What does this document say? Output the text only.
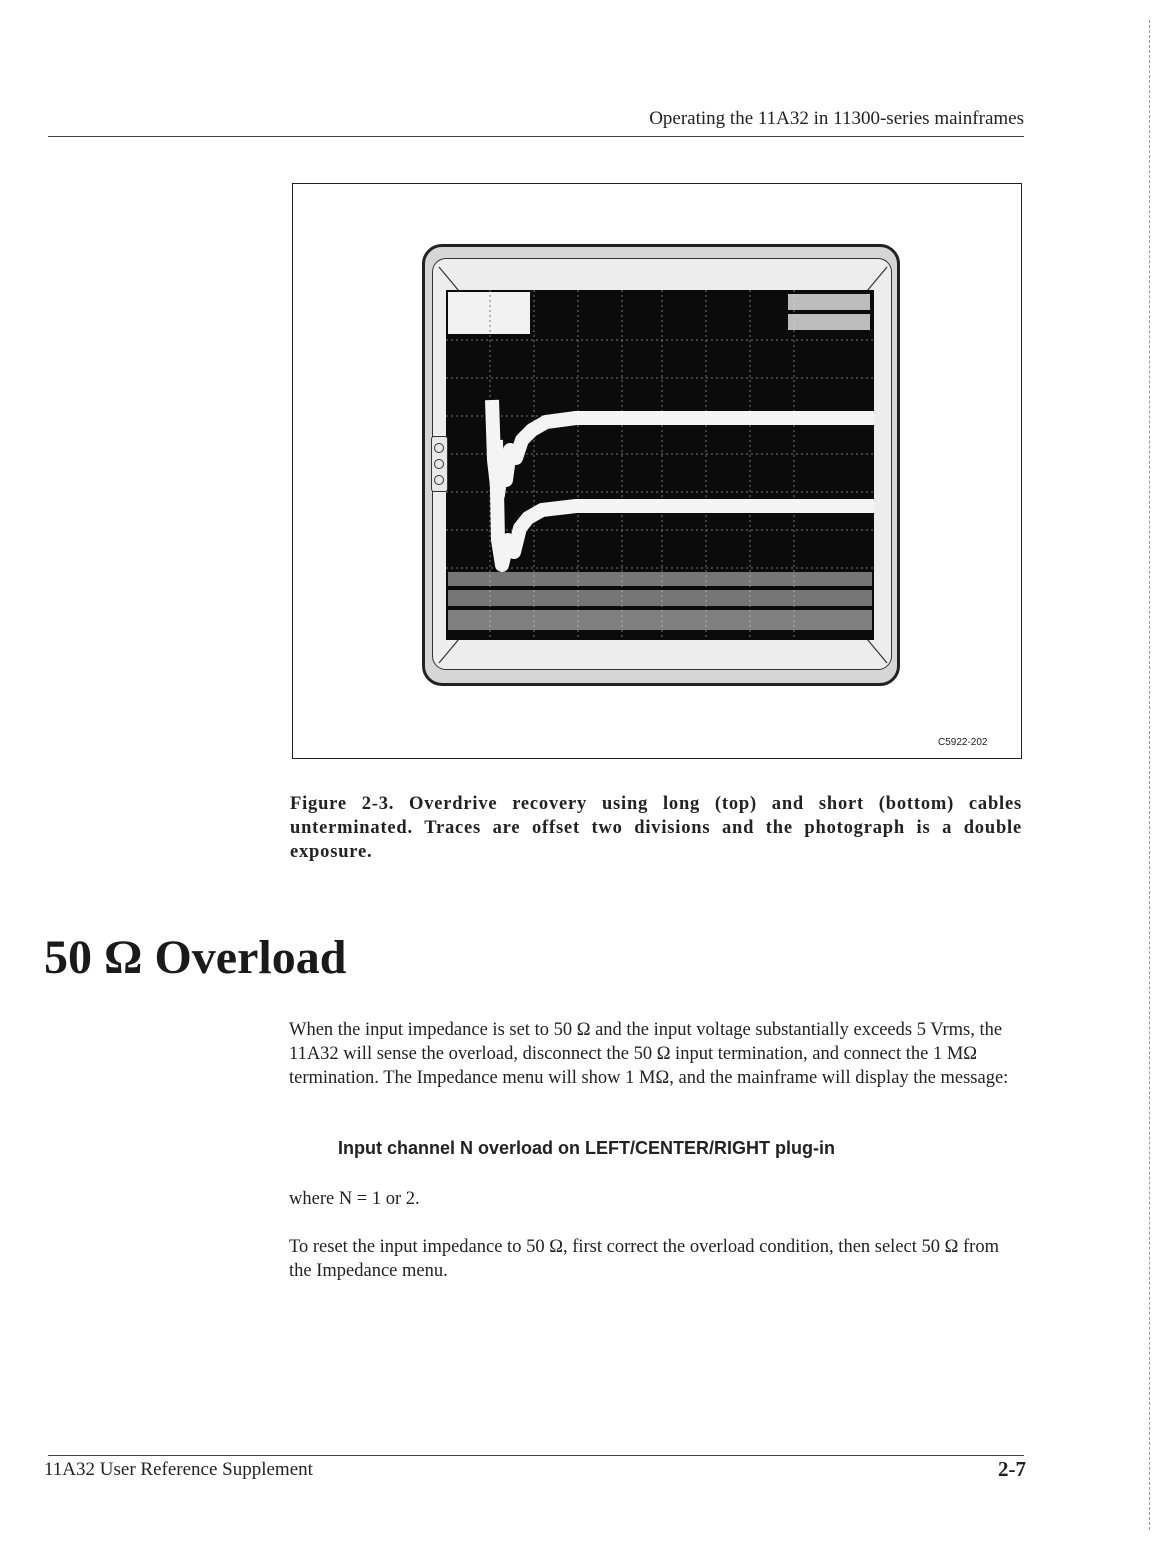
Operating the 11A32 in 11300-series mainframes
C5922-202
Figure 2-3. Overdrive recovery using long (top) and short (bottom) cables unterminated. Traces are offset two divisions and the photograph is a double exposure.
50 Ω Overload
When the input impedance is set to 50 Ω and the input voltage substantially exceeds 5 Vrms, the 11A32 will sense the overload, disconnect the 50 Ω input termination, and connect the 1 MΩ termination. The Impedance menu will show 1 MΩ, and the mainframe will display the message:
Input channel N overload on LEFT/CENTER/RIGHT plug-in
where N = 1 or 2.
To reset the input impedance to 50 Ω, first correct the overload condition, then select 50 Ω from the Impedance menu.
11A32 User Reference Supplement	2-7
